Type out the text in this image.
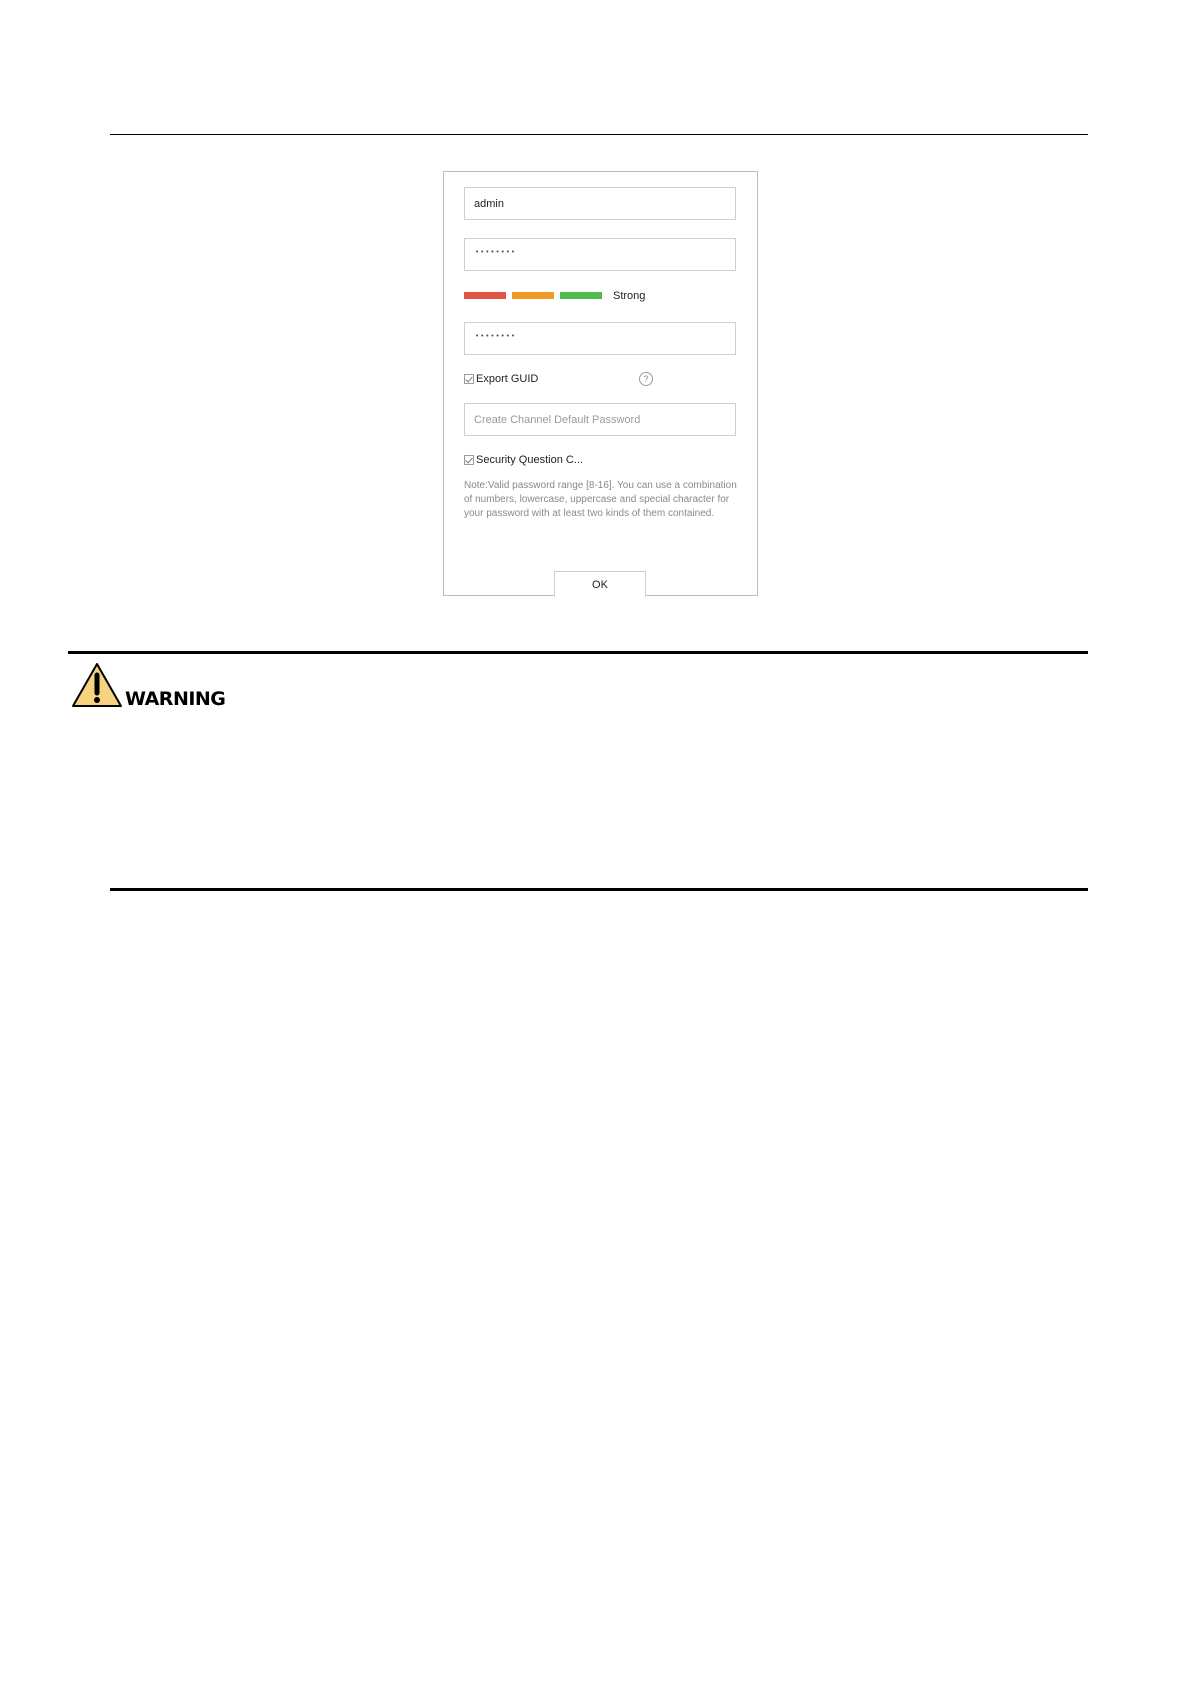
admin
••••••••
Strong
••••••••
Export GUID	?
Create Channel Default Password
Security Question C...
Note:Valid password range [8-16]. You can use a combination of numbers, lowercase, uppercase and special character for your password with at least two kinds of them contained.
OK
WARNING
